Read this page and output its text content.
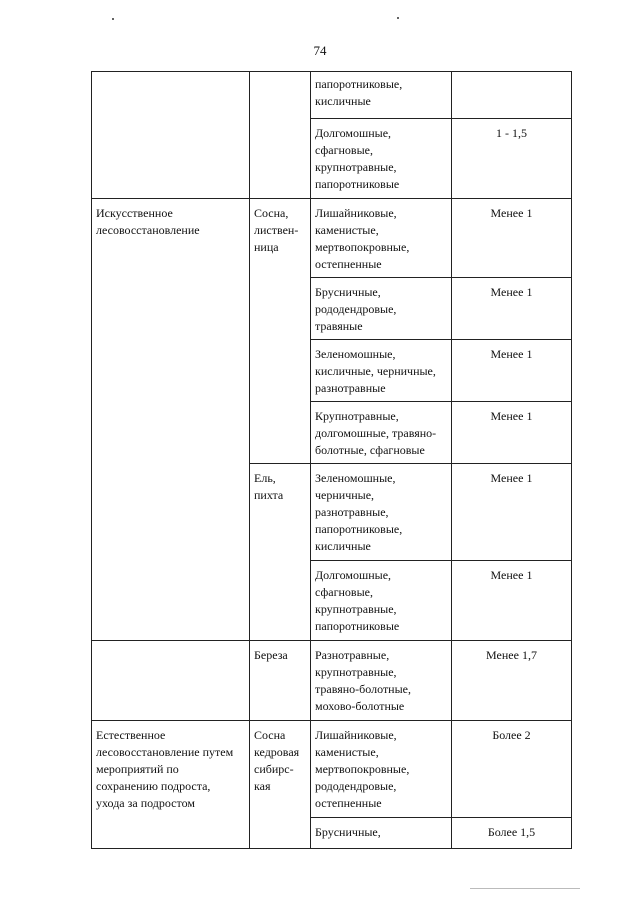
74
		папоротниковые,
кисличные	
		Долгомошные,
сфагновые,
крупнотравные,
папоротниковые	1 - 1,5
Искусственное
лесовосстановление	Сосна,
листвен-
ница	Лишайниковые,
каменистые,
мертвопокровные,
остепненные	Менее 1
		Брусничные,
рододендровые,
травяные	Менее 1
		Зеленомошные,
кисличные, черничные,
разнотравные	Менее 1
		Крупнотравные,
долгомошные, травяно-
болотные, сфагновые	Менее 1
	Ель,
пихта	Зеленомошные,
черничные,
разнотравные,
папоротниковые,
кисличные	Менее 1
		Долгомошные,
сфагновые,
крупнотравные,
папоротниковые	Менее 1
	Береза	Разнотравные,
крупнотравные,
травяно-болотные,
мохово-болотные	Менее 1,7
Естественное
лесовосстановление путем
мероприятий по
сохранению подроста,
ухода за подростом	Сосна
кедровая
сибирс-
кая	Лишайниковые,
каменистые,
мертвопокровные,
рододендровые,
остепненные	Более 2
		Брусничные,	Более 1,5
